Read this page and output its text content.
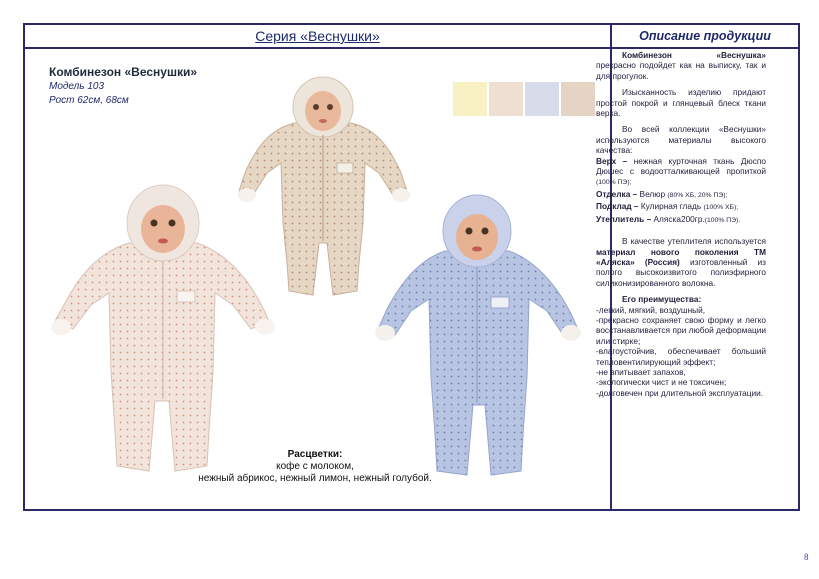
Серия «Веснушки»	Описание продукции
Комбинезон «Веснушки»
Модель 103
Рост 62см, 68см
Расцветки:
кофе с молоком,
нежный абрикос, нежный лимон, нежный голубой.

Комбинезон «Веснушка» прекрасно подойдет как на выписку, так и для прогулок.

Изысканность изделию придают простой покрой и глянцевый блеск ткани верха.

Во всей коллекции «Веснушки» используются материалы высокого качества:

Верх – нежная курточная ткань Дюспо Дюшес с водоотталкивающей пропиткой (100% ПЭ);

Отделка – Велюр (80% ХБ, 20% ПЭ);

Подклад – Кулирная гладь (100% ХБ);

Утеплитель – Аляска200гр.(100% ПЭ).

В качестве утеплителя используется материал нового поколения ТМ «Аляска» (Россия) изготовленный из полого высокоизвитого полиэфирного силиконизированного волокна.

Его преимущества:

-легкий, мягкий, воздушный,

-прекрасно сохраняет свою форму и легко восстанавливается при любой деформации или стирке;

-влагоустойчив, обеспечивает больший тепловентилирующий эффект;

-не впитывает запахов,

-экологически чист и не токсичен;

-долговечен при длительной эксплуатации.

8
